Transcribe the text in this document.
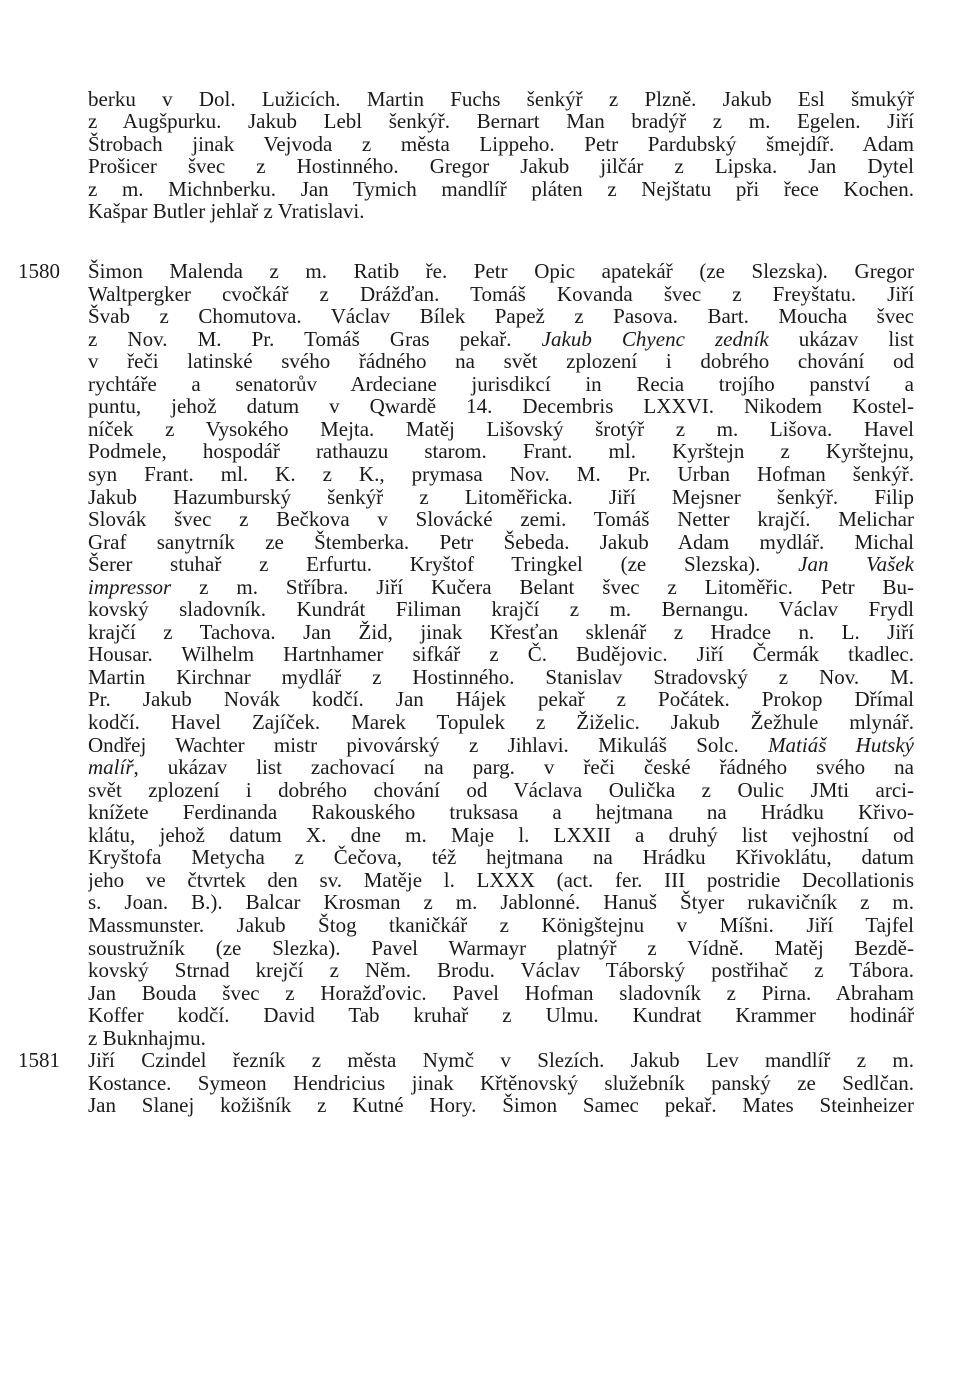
1580
1581
berku v Dol. Lužicích. Martin Fuchs šenkýř z Plzně. Jakub Esl šmukýř
z Augšpurku. Jakub Lebl šenkýř. Bernart Man bradýř z m. Egelen. Jiří
Štrobach jinak Vejvoda z města Lippeho. Petr Pardubský šmejdíř. Adam
Prošicer švec z Hostinného. Gregor Jakub jilčár z Lipska. Jan Dytel
z m. Michnberku. Jan Tymich mandlíř pláten z Nejštatu při řece Kochen.
Kašpar Butler jehlař z Vratislavi.
Šimon Malenda z m. Ratib ře. Petr Opic apatekář (ze Slezska). Gregor
Waltpergker cvočkář z Drážďan. Tomáš Kovanda švec z Freyštatu. Jiří
Švab z Chomutova. Václav Bílek Papež z Pasova. Bart. Moucha švec
z Nov. M. Pr. Tomáš Gras pekař. Jakub Chyenc zedník ukázav list
v řeči latinské svého řádného na svět zplození i dobrého chování od
rychtáře a senatorův Ardeciane jurisdikcí in Recia trojího panství a
puntu, jehož datum v Qwardě 14. Decembris LXXVI. Nikodem Kostel-
níček z Vysokého Mejta. Matěj Lišovský šrotýř z m. Lišova. Havel
Podmele, hospodář rathauzu starom. Frant. ml. Kyrštejn z Kyrštejnu,
syn Frant. ml. K. z K., prymasa Nov. M. Pr. Urban Hofman šenkýř.
Jakub Hazumburský šenkýř z Litoměřicka. Jiří Mejsner šenkýř. Filip
Slovák švec z Bečkova v Slovácké zemi. Tomáš Netter krajčí. Melichar
Graf sanytrník ze Štemberka. Petr Šebeda. Jakub Adam mydlář. Michal
Šerer stuhař z Erfurtu. Kryštof Tringkel (ze Slezska). Jan Vašek
impressor z m. Stříbra. Jiří Kučera Belant švec z Litoměřic. Petr Bu-
kovský sladovník. Kundrát Filiman krajčí z m. Bernangu. Václav Frydl
krajčí z Tachova. Jan Žid, jinak Křesťan sklenář z Hradce n. L. Jiří
Housar. Wilhelm Hartnhamer sifkář z Č. Budějovic. Jiří Čermák tkadlec.
Martin Kirchnar mydlář z Hostinného. Stanislav Stradovský z Nov. M.
Pr. Jakub Novák kodčí. Jan Hájek pekař z Počátek. Prokop Dřímal
kodčí. Havel Zajíček. Marek Topulek z Žiželic. Jakub Žežhule mlynář.
Ondřej Wachter mistr pivovárský z Jihlavi. Mikuláš Solc. Matiáš Hutský
malíř, ukázav list zachovací na parg. v řeči české řádného svého na
svět zplození i dobrého chování od Václava Oulička z Oulic JMti arci-
knížete Ferdinanda Rakouského truksasa a hejtmana na Hrádku Křivo-
klátu, jehož datum X. dne m. Maje l. LXXII a druhý list vejhostní od
Kryštofa Metycha z Čečova, též hejtmana na Hrádku Křivoklátu, datum
jeho ve čtvrtek den sv. Matěje l. LXXX (act. fer. III postridie Decollationis
s. Joan. B.). Balcar Krosman z m. Jablonné. Hanuš Štyer rukavičník z m.
Massmunster. Jakub Štog tkaničkář z Königštejnu v Míšni. Jiří Tajfel
soustružník (ze Slezka). Pavel Warmayr platnýř z Vídně. Matěj Bezdě-
kovský Strnad krejčí z Něm. Brodu. Václav Táborský postřihač z Tábora.
Jan Bouda švec z Horažďovic. Pavel Hofman sladovník z Pirna. Abraham
Koffer kodčí. David Tab kruhař z Ulmu. Kundrat Krammer hodinář
z Buknhajmu.
Jiří Czindel řezník z města Nymč v Slezích. Jakub Lev mandlíř z m.
Kostance. Symeon Hendricius jinak Křtěnovský služebník panský ze Sedlčan.
Jan Slanej kožišník z Kutné Hory. Šimon Samec pekař. Mates Steinheizer
